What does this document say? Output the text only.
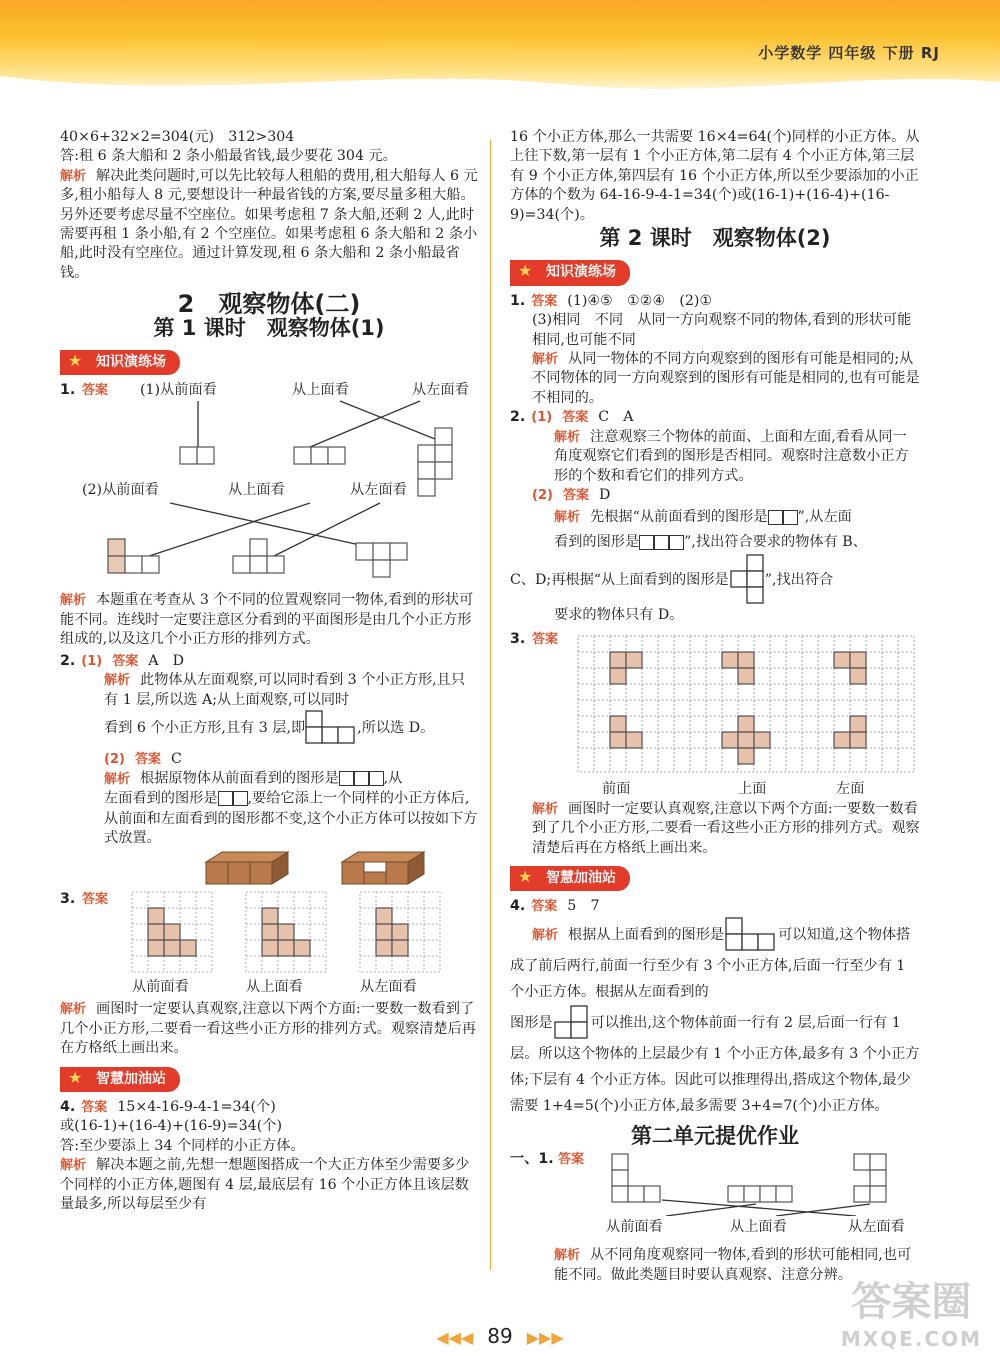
小学数学 四年级 下册 RJ

40×6+32×2=304(元)　312>304

答:租 6 条大船和 2 条小船最省钱,最少要花 304 元。

解析 解决此类问题时,可以先比较每人租船的费用,租大船每人 6 元多,租小船每人 8 元,要想设计一种最省钱的方案,要尽量多租大船。另外还要考虑尽量不空座位。如果考虑租 7 条大船,还剩 2 人,此时需要再租 1 条小船,有 2 个空座位。如果考虑租 6 条大船和 2 条小船,此时没有空座位。通过计算发现,租 6 条大船和 2 条小船最省钱。

2　观察物体(二)
第 1 课时　观察物体(1)
★ 知识演练场
1. 答案 (1)从前面看	从上面看	从左面看
(2)从前面看	从上面看	从左面看

解析 本题重在考查从 3 个不同的位置观察同一物体,看到的形状可能不同。连线时一定要注意区分看到的平面图形是由几个小正方形组成的,以及这几个小正方形的排列方式。

2. (1) 答案 A　D

解析 此物体从左面观察,可以同时看到 3 个小正方形,且只有 1 层,所以选 A;从上面观察,可以同时

看到 6 个小正方形,且有 3 层,即	,所以选 D。

(2) 答案 C

解析 根据原物体从前面看到的图形是	,从
左面看到的图形是 ,要给它添上一个同样的小正方体后,从前面和左面看到的图形都不变,这个小正方体可以按如下方式放置。

3. 答案
从前面看	从上面看	从左面看

解析 画图时一定要认真观察,注意以下两个方面:一要数一数看到了几个小正方形,二要看一看这些小正方形的排列方式。观察清楚后再在方格纸上画出来。

★ 智慧加油站

4. 答案 15×4-16-9-4-1=34(个)

或(16-1)+(16-4)+(16-9)=34(个)

答:至少要添上 34 个同样的小正方体。

解析 解决本题之前,先想一想题图搭成一个大正方体至少需要多少个同样的小正方体,题图有 4 层,最底层有 16 个小正方体且该层数量最多,所以每层至少有

16 个小正方体,那么一共需要 16×4=64(个)同样的小正方体。从上往下数,第一层有 1 个小正方体,第二层有 4 个小正方体,第三层有 9 个小正方体,第四层有 16 个小正方体,所以至少要添加的小正方体的个数为 64-16-9-4-1=34(个)或(16-1)+(16-4)+(16-9)=34(个)。

第 2 课时　观察物体(2)
★ 知识演练场

1. 答案 (1)④⑤　①②④　(2)①

(3)相同　不同　从同一方向观察不同的物体,看到的形状可能相同,也可能不同

解析 从同一物体的不同方向观察到的图形有可能是相同的;从不同物体的同一方向观察到的图形有可能是相同的,也有可能是不相同的。

2. (1) 答案 C　A

解析 注意观察三个物体的前面、上面和左面,看看从同一角度观察它们看到的图形是否相同。观察时注意数小正方形的个数和看它们的排列方式。

(2) 答案 D

解析 先根据“从前面看到的图形是 ”,从左面
看到的图形是	”,找出符合要求的物体有 B、

C、D;再根据“从上面看到的图形是	”,找出符合

要求的物体只有 D。

3. 答案
前面	上面	左面

解析 画图时一定要认真观察,注意以下两个方面:一要数一数看到了几个小正方形,二要看一看这些小正方形的排列方式。观察清楚后再在方格纸上画出来。

★ 智慧加油站

4. 答案 5　7

解析 根据从上面看到的图形是	可以知道,这个物体搭成了前后两行,前面一行至少有 3 个小正方体,后面一行至少有 1 个小正方体。根据从左面看到的

图形是	可以推出,这个物体前面一行有 2 层,后面一行有 1 层。所以这个物体的上层最少有 1 个小正方体,最多有 3 个小正方体;下层有 4 个小正方体。因此可以推理得出,搭成这个物体,最少需要 1+4=5(个)小正方体,最多需要 3+4=7(个)小正方体。

第二单元提优作业
一、1. 答案
从前面看	从上面看	从左面看

解析 从不同角度观察同一物体,看到的形状可能相同,也可能不同。做此类题目时要认真观察、注意分辨。

◀◀◀ 89 ▶▶▶
答案圈
MXQE.COM
